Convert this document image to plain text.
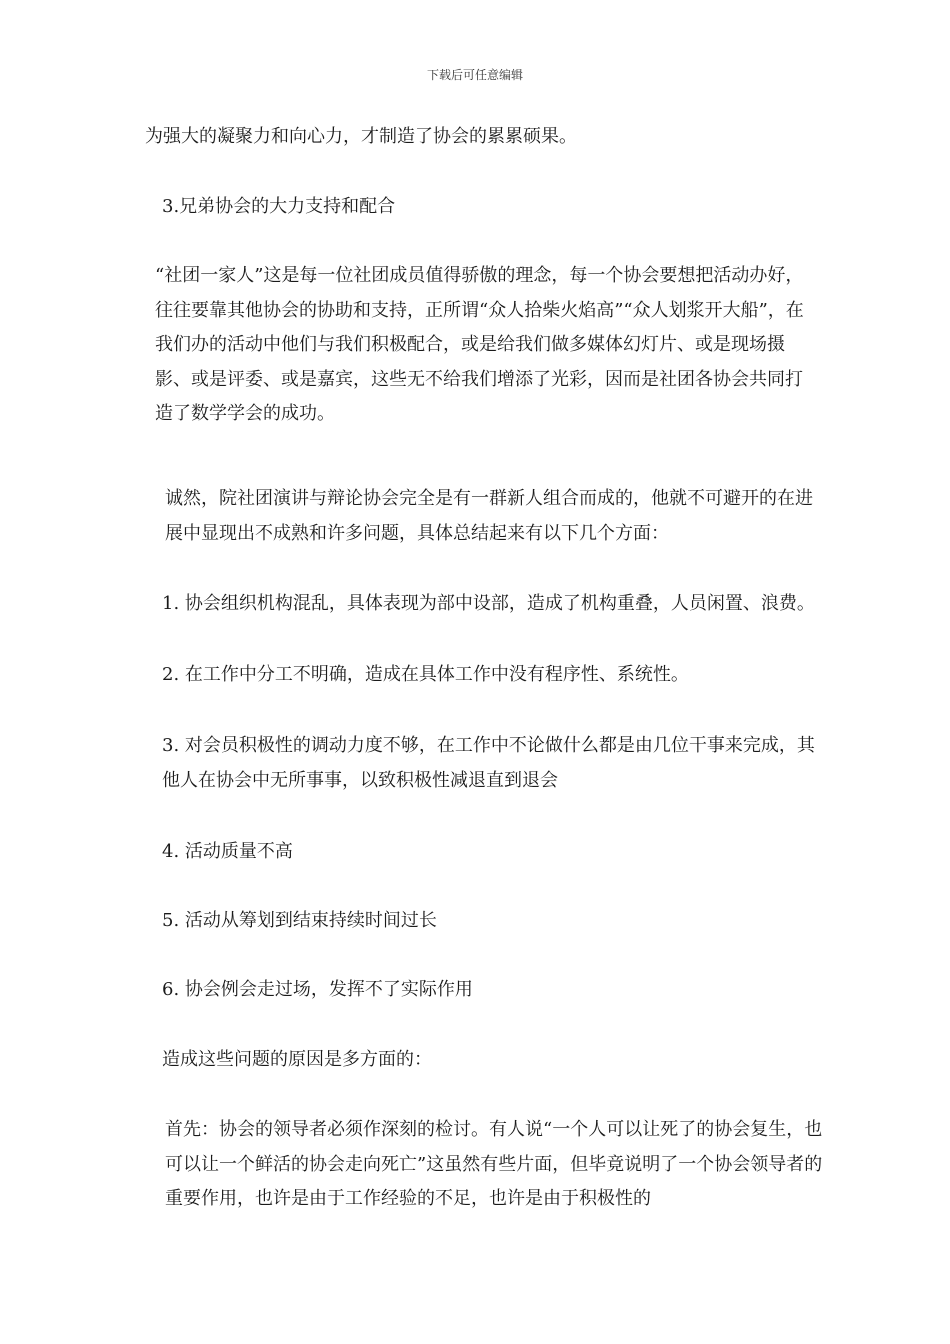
下载后可任意编辑

为强大的凝聚力和向心力，才制造了协会的累累硕果。

3.兄弟协会的大力支持和配合

“社团一家人”这是每一位社团成员值得骄傲的理念，每一个协会要想把活动办好，往往要靠其他协会的协助和支持，正所谓“众人拾柴火焰高”“众人划浆开大船”，在我们办的活动中他们与我们积极配合，或是给我们做多媒体幻灯片、或是现场摄影、或是评委、或是嘉宾，这些无不给我们增添了光彩，因而是社团各协会共同打造了数学学会的成功。

诚然，院社团演讲与辩论协会完全是有一群新人组合而成的，他就不可避开的在进展中显现出不成熟和许多问题，具体总结起来有以下几个方面：

1. 协会组织机构混乱，具体表现为部中设部，造成了机构重叠，人员闲置、浪费。

2. 在工作中分工不明确，造成在具体工作中没有程序性、系统性。

3. 对会员积极性的调动力度不够，在工作中不论做什么都是由几位干事来完成，其他人在协会中无所事事，以致积极性减退直到退会

4. 活动质量不高

5. 活动从筹划到结束持续时间过长

6. 协会例会走过场，发挥不了实际作用

造成这些问题的原因是多方面的：

首先：协会的领导者必须作深刻的检讨。有人说“一个人可以让死了的协会复生，也可以让一个鲜活的协会走向死亡”这虽然有些片面，但毕竟说明了一个协会领导者的重要作用，也许是由于工作经验的不足，也许是由于积极性的
